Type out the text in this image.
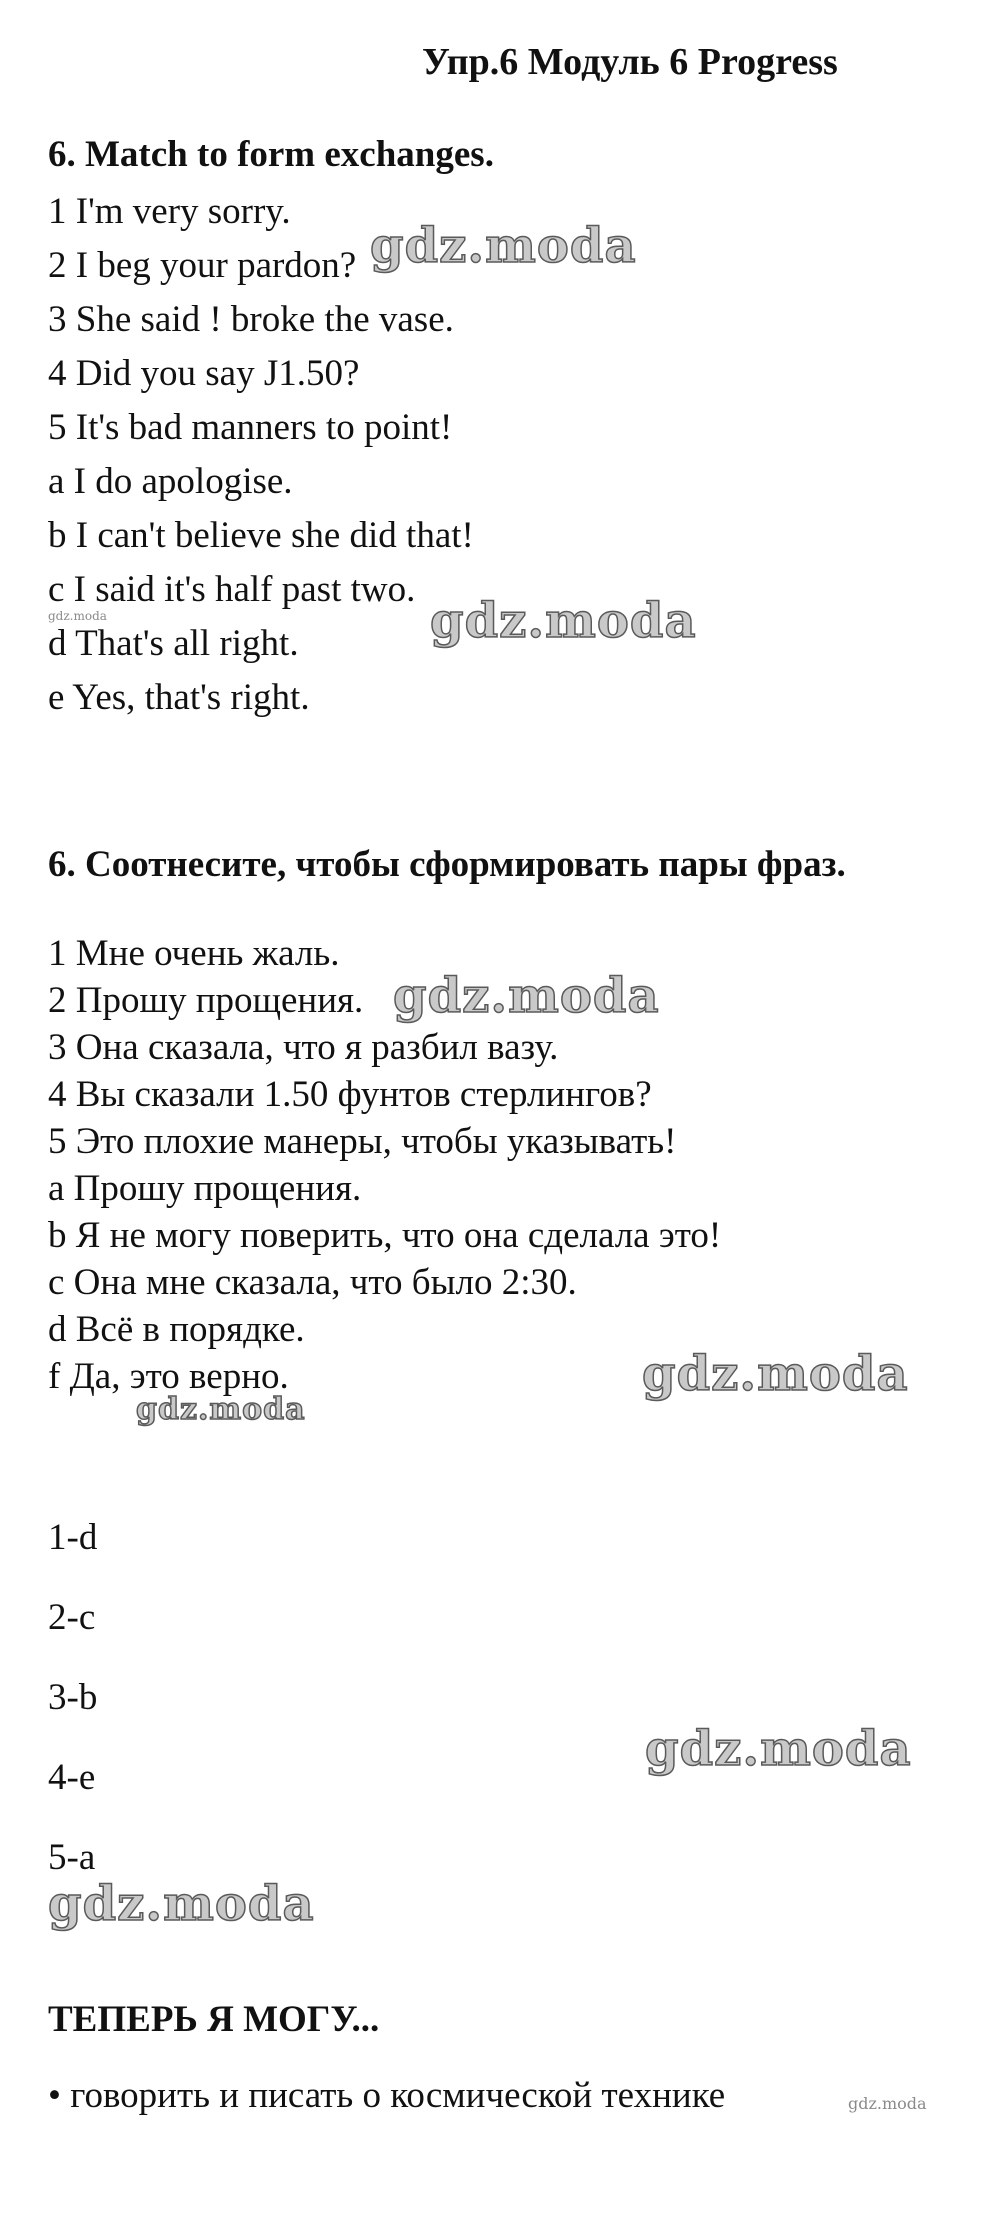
Упр.6 Модуль 6 Progress
6. Match to form exchanges.
1 I'm very sorry.
2 I beg your pardon?
3 She said ! broke the vase.
4 Did you say J1.50?
5 It's bad manners to point!
a I do apologise.
b I can't believe she did that!
c I said it's half past two.
d That's all right.
e Yes, that's right.
6. Соотнесите, чтобы сформировать пары фраз.
1 Мне очень жаль.
2 Прошу прощения.
3 Она сказала, что я разбил вазу.
4 Вы сказали 1.50 фунтов стерлингов?
5 Это плохие манеры, чтобы указывать!
a Прошу прощения.
b Я не могу поверить, что она сделала это!
c Она мне сказала, что было 2:30.
d Всё в порядке.
f Да, это верно.
1-d
2-c
3-b
4-e
5-a
ТЕПЕРЬ Я МОГУ...
• говорить и писать о космической технике
gdz.moda
gdz.moda	gdz.moda
gdz.moda
gdz.moda
gdz.moda
gdz.moda
gdz.moda
gdz.moda
